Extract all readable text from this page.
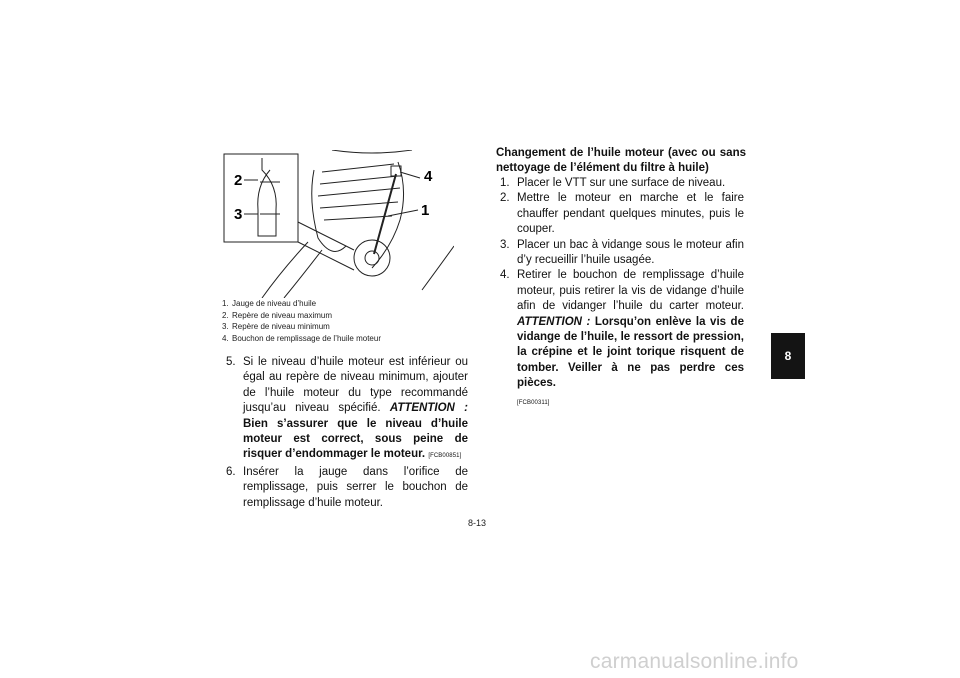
2
3
4
1
1. Jauge de niveau d’huile
2. Repère de niveau maximum
3. Repère de niveau minimum
4. Bouchon de remplissage de l’huile moteur
5. Si le niveau d’huile moteur est inférieur ou égal au repère de niveau minimum, ajouter de l’huile moteur du type recommandé jusqu’au niveau spécifié. ATTENTION : Bien s’assurer que le niveau d’huile moteur est correct, sous peine de risquer d’endommager le moteur. [FCB00851]
6. Insérer la jauge dans l’orifice de remplissage, puis serrer le bouchon de remplissage d’huile moteur.
Changement de l’huile moteur (avec ou sans nettoyage de l’élément du filtre à huile)
1. Placer le VTT sur une surface de niveau.
2. Mettre le moteur en marche et le faire chauffer pendant quelques minutes, puis le couper.
3. Placer un bac à vidange sous le moteur afin d’y recueillir l’huile usagée.
4. Retirer le bouchon de remplissage d’huile moteur, puis retirer la vis de vidange d’huile afin de vidanger l’huile du carter moteur. ATTENTION : Lorsqu’on enlève la vis de vidange de l’huile, le ressort de pression, la crépine et le joint torique risquent de tomber. Veiller à ne pas perdre ces pièces.
[FCB00311]
8
8-13
carmanualsonline.info
